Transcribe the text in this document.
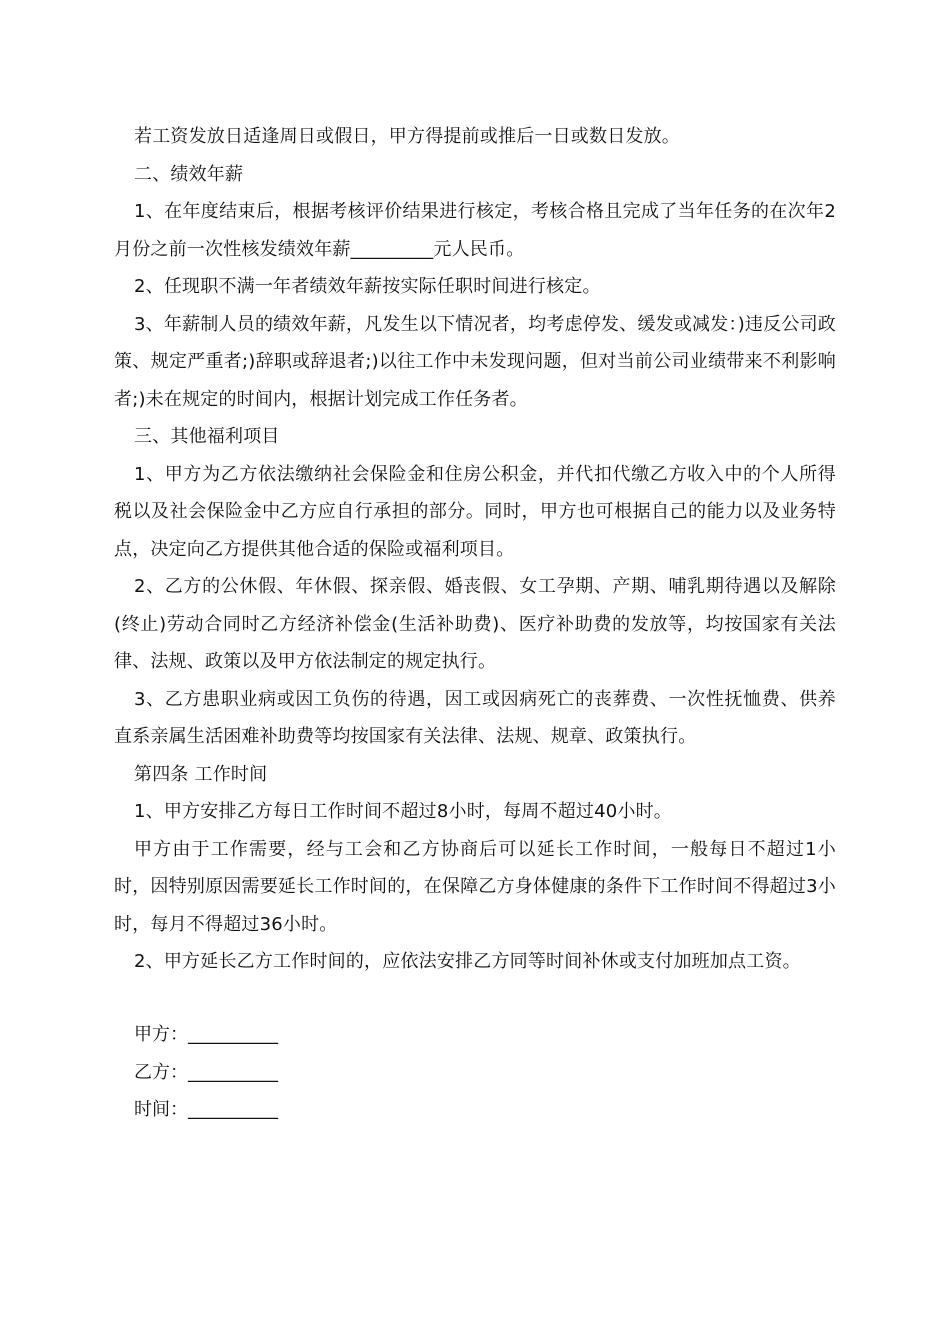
若工资发放日适逢周日或假日，甲方得提前或推后一日或数日发放。

二、绩效年薪

1、在年度结束后，根据考核评价结果进行核定，考核合格且完成了当年任务的在次年2月份之前一次性核发绩效年薪_________元人民币。

2、任现职不满一年者绩效年薪按实际任职时间进行核定。

3、年薪制人员的绩效年薪，凡发生以下情况者，均考虑停发、缓发或减发：)违反公司政策、规定严重者;)辞职或辞退者;)以往工作中未发现问题，但对当前公司业绩带来不利影响者;)未在规定的时间内，根据计划完成工作任务者。

三、其他福利项目

1、甲方为乙方依法缴纳社会保险金和住房公积金，并代扣代缴乙方收入中的个人所得税以及社会保险金中乙方应自行承担的部分。同时，甲方也可根据自己的能力以及业务特点，决定向乙方提供其他合适的保险或福利项目。

2、乙方的公休假、年休假、探亲假、婚丧假、女工孕期、产期、哺乳期待遇以及解除(终止)劳动合同时乙方经济补偿金(生活补助费)、医疗补助费的发放等，均按国家有关法律、法规、政策以及甲方依法制定的规定执行。

3、乙方患职业病或因工负伤的待遇，因工或因病死亡的丧葬费、一次性抚恤费、供养直系亲属生活困难补助费等均按国家有关法律、法规、规章、政策执行。

第四条 工作时间

1、甲方安排乙方每日工作时间不超过8小时，每周不超过40小时。

甲方由于工作需要，经与工会和乙方协商后可以延长工作时间，一般每日不超过1小时，因特别原因需要延长工作时间的，在保障乙方身体健康的条件下工作时间不得超过3小时，每月不得超过36小时。

2、甲方延长乙方工作时间的，应依法安排乙方同等时间补休或支付加班加点工资。

甲方：__________
乙方：__________
时间：__________
